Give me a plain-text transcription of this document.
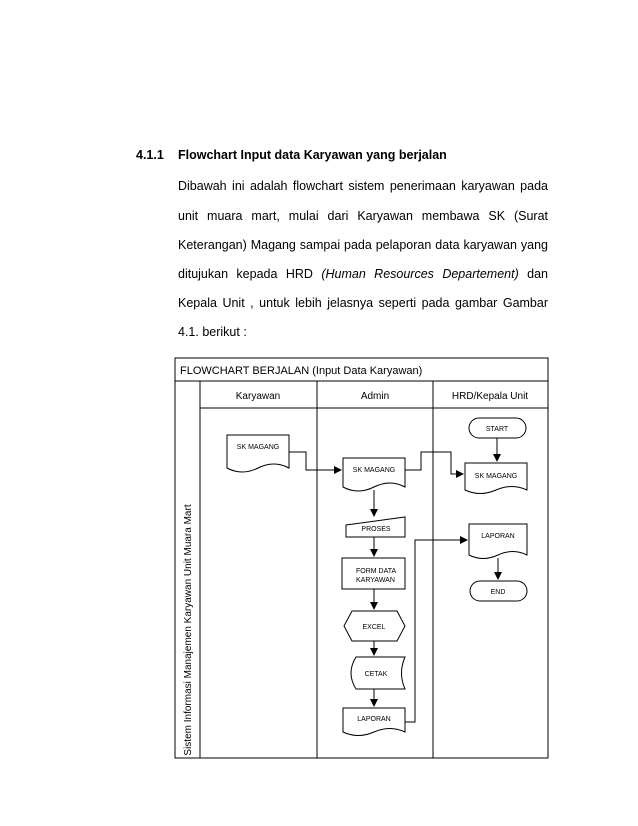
4.1.1	Flowchart Input data Karyawan yang berjalan
Dibawah ini adalah flowchart sistem penerimaan karyawan pada
unit muara mart, mulai dari Karyawan membawa SK (Surat
Keterangan) Magang sampai pada pelaporan data karyawan yang
ditujukan kepada HRD (Human Resources Departement) dan
Kepala Unit , untuk lebih jelasnya seperti pada gambar Gambar
4.1. berikut :
FLOWCHART BERJALAN (Input Data Karyawan)
Sistem Informasi Manajemen Karyawan Unit Muara Mart
Karyawan	Admin	HRD/Kepala Unit
SK MAGANG
SK MAGANG
PROSES
FORM DATA
KARYAWAN
EXCEL
CETAK
LAPORAN
START
SK MAGANG
LAPORAN
END
